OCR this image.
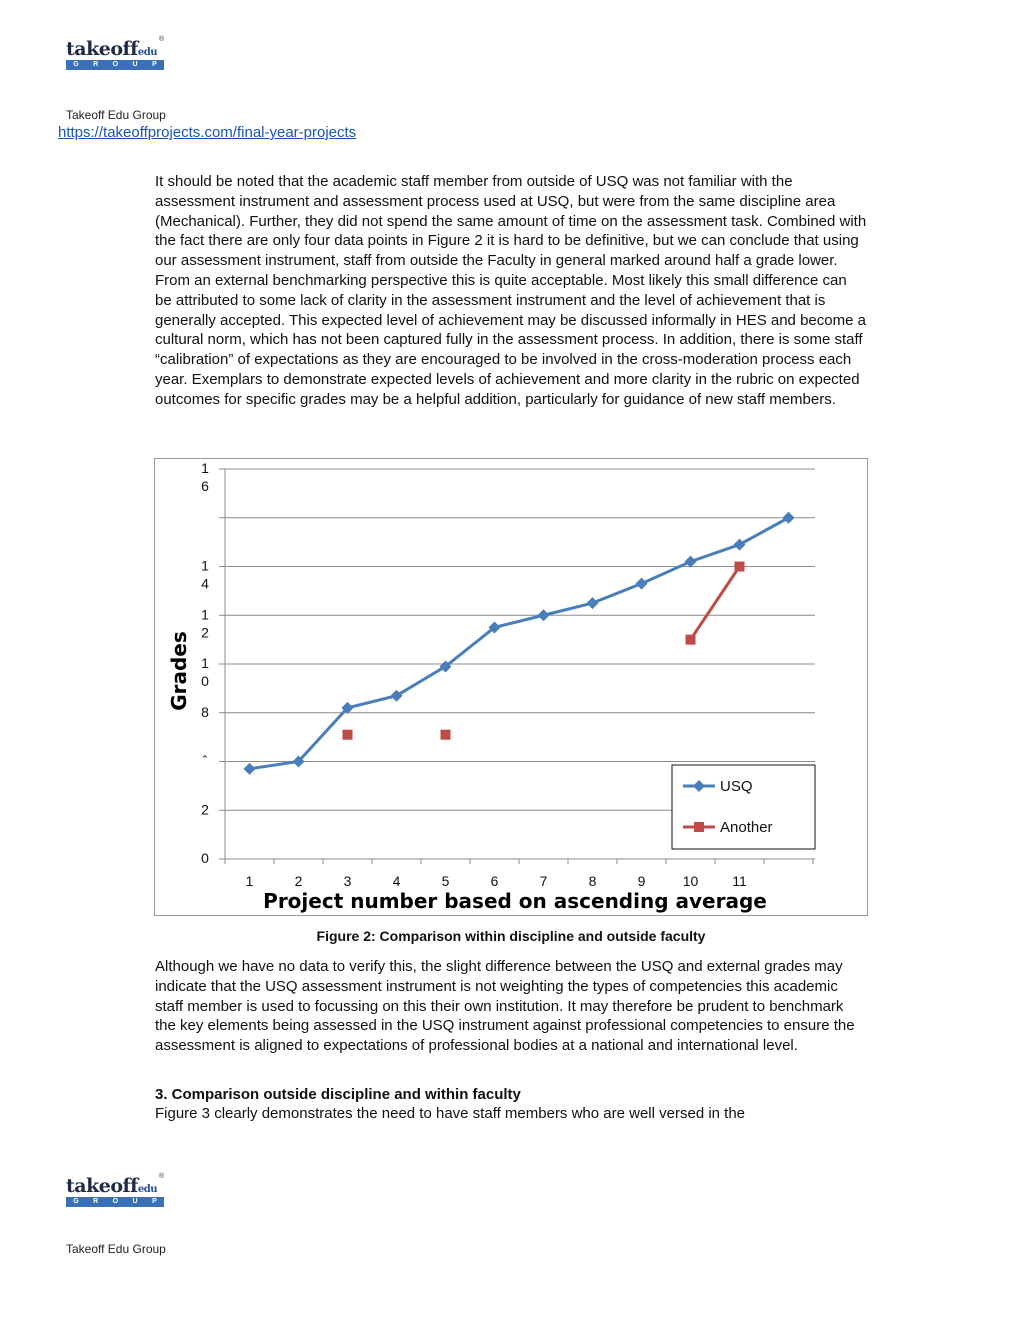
takeoffedu
®
G R O U P
Takeoff Edu Group
https://takeoffprojects.com/final-year-projects

It should be noted that the academic staff member from outside of USQ was not familiar with the assessment instrument and assessment process used at USQ, but were from the same discipline area (Mechanical). Further, they did not spend the same amount of time on the assessment task. Combined with the fact there are only four data points in Figure 2 it is hard to be definitive, but we can conclude that using our assessment instrument, staff from outside the Faculty in general marked around half a grade lower. From an external benchmarking perspective this is quite acceptable. Most likely this small difference can be attributed to some lack of clarity in the assessment instrument and the level of achievement that is generally accepted. This expected level of achievement may be discussed informally in HES and become a cultural norm, which has not been captured fully in the assessment process. In addition, there is some staff “calibration” of expectations as they are encouraged to be involved in the cross-moderation process each year. Exemplars to demonstrate expected levels of achievement and more clarity in the rubric on expected outcomes for specific grades may be a helpful addition, particularly for guidance of new staff members.

0
2
ˆ
8
1
0
1
2
1
4
1
6
1	2	3	4	5	6	7	8	9	10 11
Project number based on ascending average
Grades
USQ
Another
Figure 2: Comparison within discipline and outside faculty

Although we have no data to verify this, the slight difference between the USQ and external grades may indicate that the USQ assessment instrument is not weighting the types of competencies this academic staff member is used to focussing on this their own institution. It may therefore be prudent to benchmark the key elements being assessed in the USQ instrument against professional competencies to ensure the assessment is aligned to expectations of professional bodies at a national and international level.

3. Comparison outside discipline and within faculty

Figure 3 clearly demonstrates the need to have staff members who are well versed in the

takeoffedu
®
G R O U P
Takeoff Edu Group
